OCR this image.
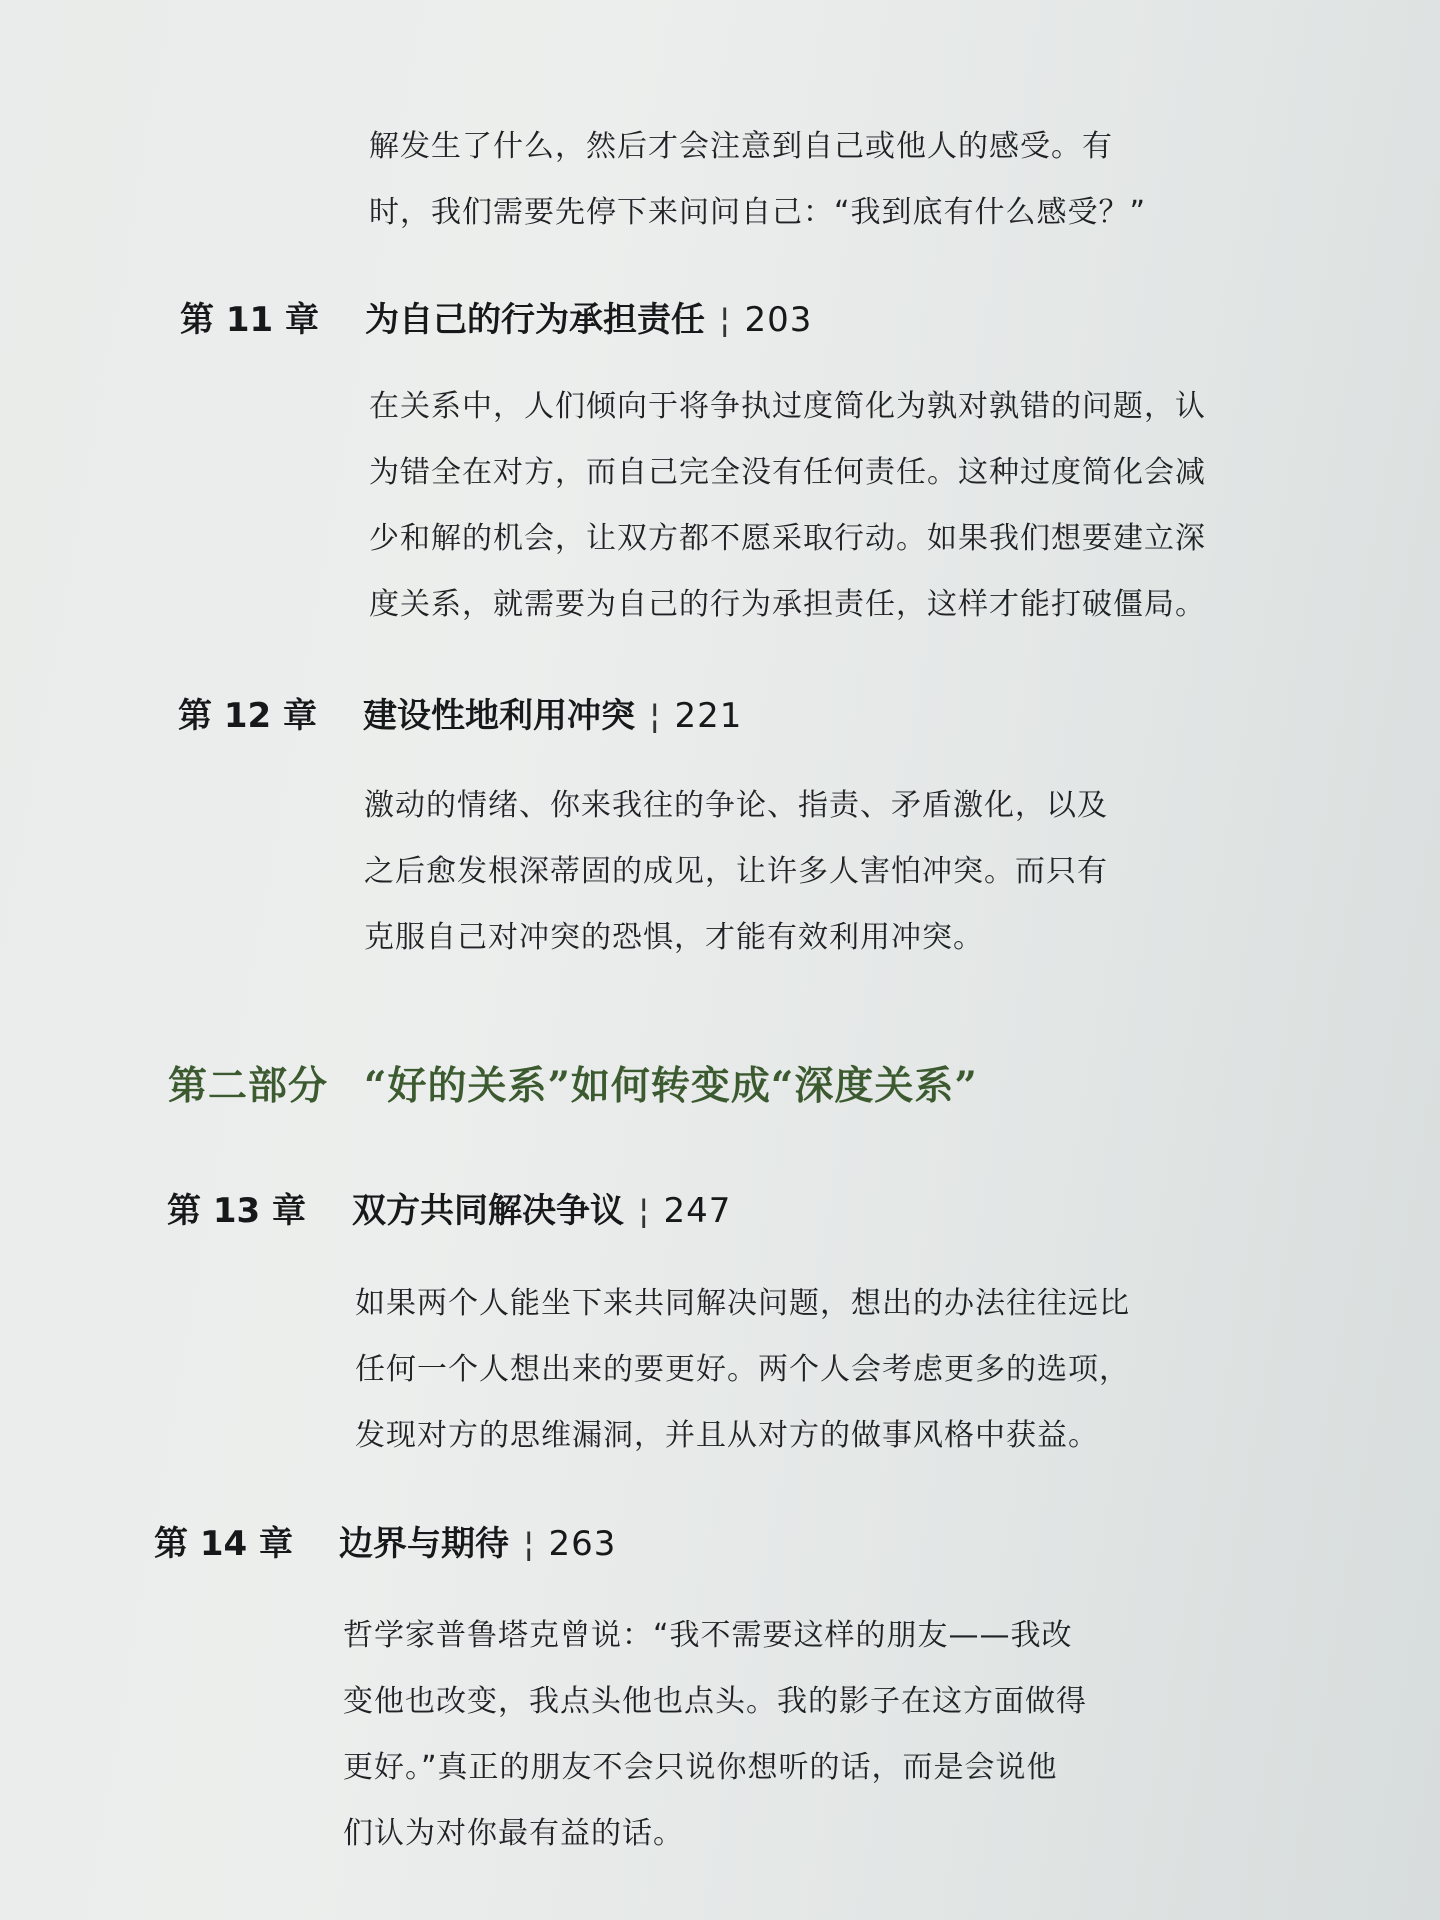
解发生了什么，然后才会注意到自己或他人的感受。有
时，我们需要先停下来问问自己：“我到底有什么感受？”

第 11 章 为自己的行为承担责任 ¦ 203

在关系中，人们倾向于将争执过度简化为孰对孰错的问题，认
为错全在对方，而自己完全没有任何责任。这种过度简化会减
少和解的机会，让双方都不愿采取行动。如果我们想要建立深
度关系，就需要为自己的行为承担责任，这样才能打破僵局。

第 12 章 建设性地利用冲突 ¦ 221

激动的情绪、你来我往的争论、指责、矛盾激化，以及
之后愈发根深蒂固的成见，让许多人害怕冲突。而只有
克服自己对冲突的恐惧，才能有效利用冲突。

第二部分 “好的关系”如何转变成“深度关系”
第 13 章 双方共同解决争议 ¦ 247

如果两个人能坐下来共同解决问题，想出的办法往往远比
任何一个人想出来的要更好。两个人会考虑更多的选项，
发现对方的思维漏洞，并且从对方的做事风格中获益。

第 14 章 边界与期待 ¦ 263

哲学家普鲁塔克曾说：“我不需要这样的朋友——我改
变他也改变，我点头他也点头。我的影子在这方面做得
更好。”真正的朋友不会只说你想听的话，而是会说他
们认为对你最有益的话。
